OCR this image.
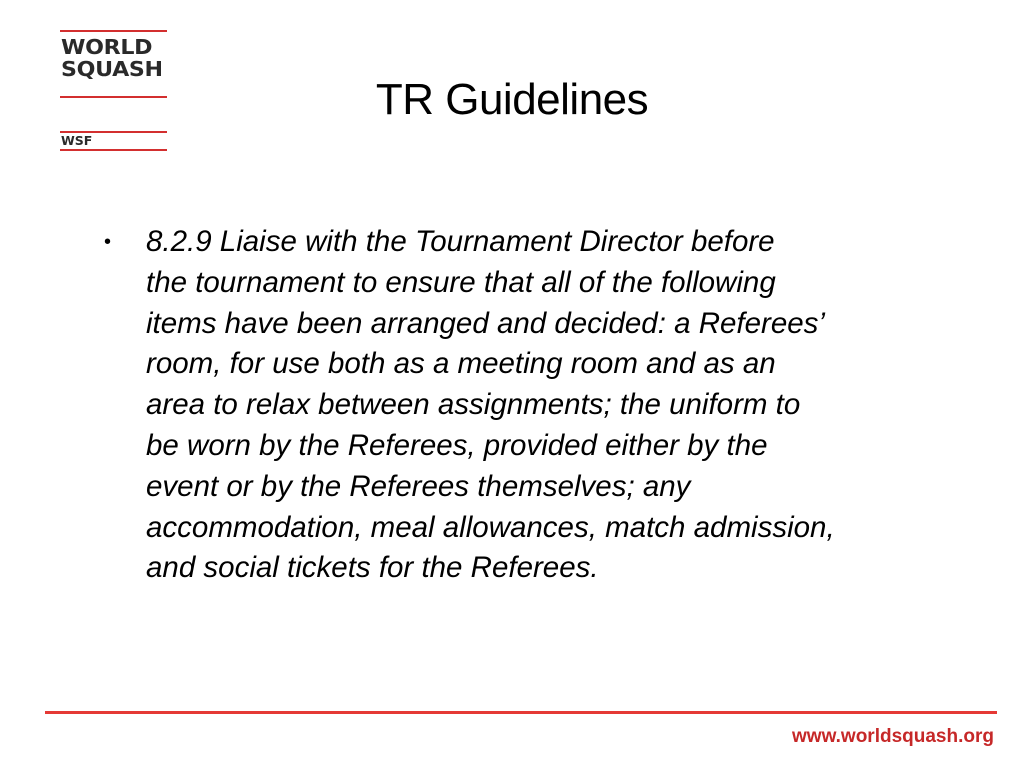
WORLD
SQUASH
WSF
TR Guidelines
• 8.2.9 Liaise with the Tournament Director before
the tournament to ensure that all of the following
items have been arranged and decided: a Referees’
room, for use both as a meeting room and as an
area to relax between assignments; the uniform to
be worn by the Referees, provided either by the
event or by the Referees themselves; any
accommodation, meal allowances, match admission,
and social tickets for the Referees.
www.worldsquash.org
